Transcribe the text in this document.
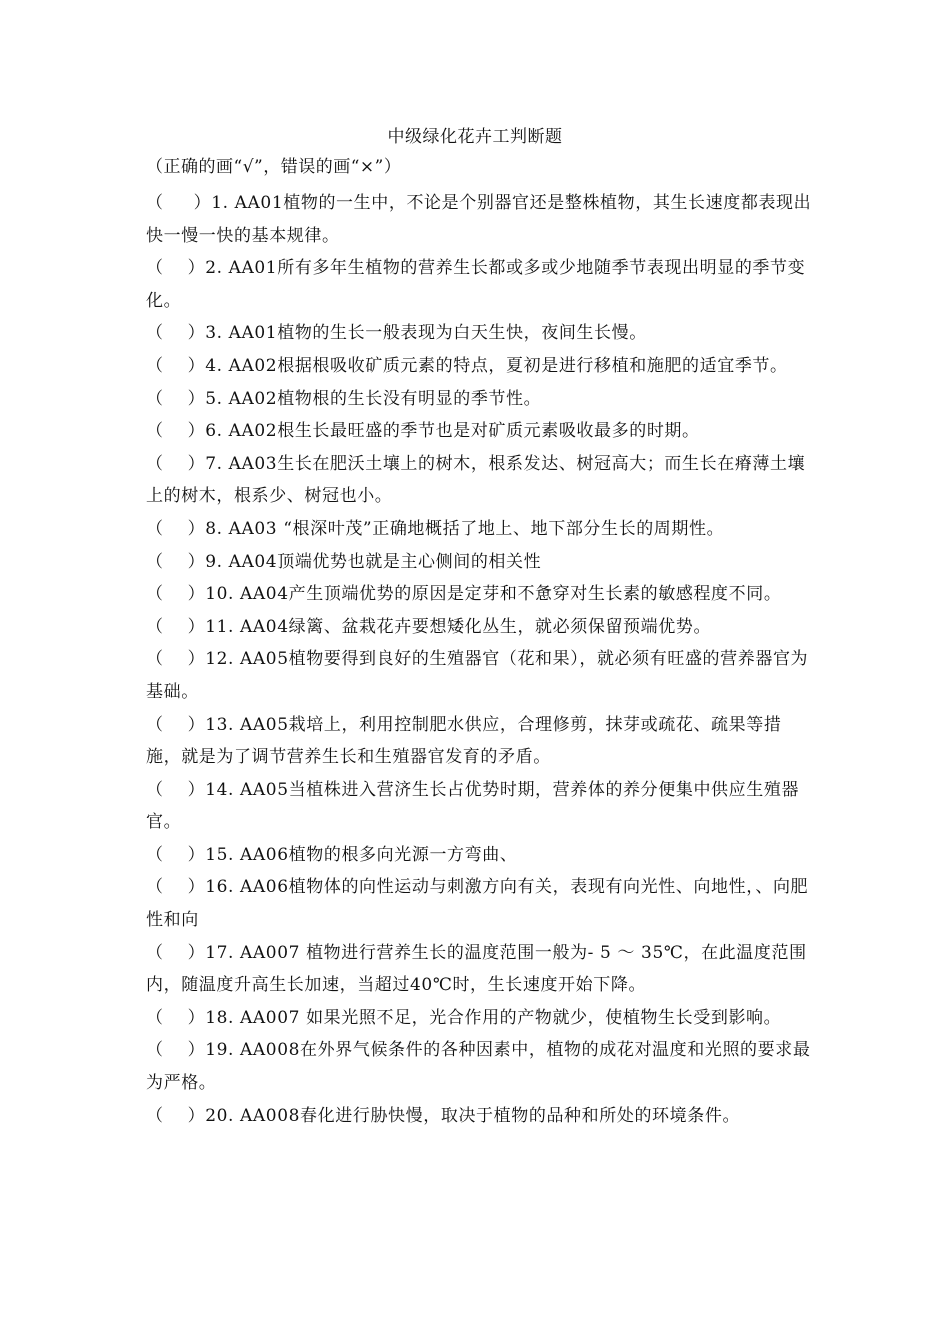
中级绿化花卉工判断题
（正确的画“√”，错误的画“×”）
（     ）1. AA01植物的一生中，不论是个别器官还是整株植物，其生长速度都表现出快一慢一快的基本规律。
（    ）2. AA01所有多年生植物的营养生长都或多或少地随季节表现出明显的季节变化。
（    ）3. AA01植物的生长一般表现为白天生快，夜间生长慢。
（    ）4. AA02根据根吸收矿质元素的特点，夏初是进行移植和施肥的适宜季节。
（    ）5. AA02植物根的生长没有明显的季节性。
（    ）6. AA02根生长最旺盛的季节也是对矿质元素吸收最多的时期。
（    ）7. AA03生长在肥沃土壤上的树木，根系发达、树冠高大；而生长在瘠薄土壤上的树木，根系少、树冠也小。
（    ）8. AA03 “根深叶茂”正确地概括了地上、地下部分生长的周期性。
（    ）9. AA04顶端优势也就是主心侧间的相关性
（    ）10. AA04产生顶端优势的原因是定芽和不惫穿对生长素的敏感程度不同。
（    ）11. AA04绿篱、盆栽花卉要想矮化丛生，就必须保留预端优势。
（    ）12. AA05植物要得到良好的生殖器官（花和果），就必须有旺盛的营养器官为基础。
（    ）13. AA05栽培上，利用控制肥水供应，合理修剪，抹芽或疏花、疏果等措施，就是为了调节营养生长和生殖器官发育的矛盾。
（    ）14. AA05当植株进入营济生长占优势时期，营养体的养分便集中供应生殖器官。
（    ）15. AA06植物的根多向光源一方弯曲、
（    ）16. AA06植物体的向性运动与刺激方向有关，表现有向光性、向地性，、向肥性和向
（    ）17. AA007 植物进行营养生长的温度范围一般为- 5 ～ 35℃，在此温度范围内，随温度升高生长加速，当超过40℃时，生长速度开始下降。
（    ）18. AA007 如果光照不足，光合作用的产物就少，使植物生长受到影响。
（    ）19. AA008在外界气候条件的各种因素中，植物的成花对温度和光照的要求最为严格。
（    ）20. AA008春化进行胁快慢，取决于植物的品种和所处的环境条件。
